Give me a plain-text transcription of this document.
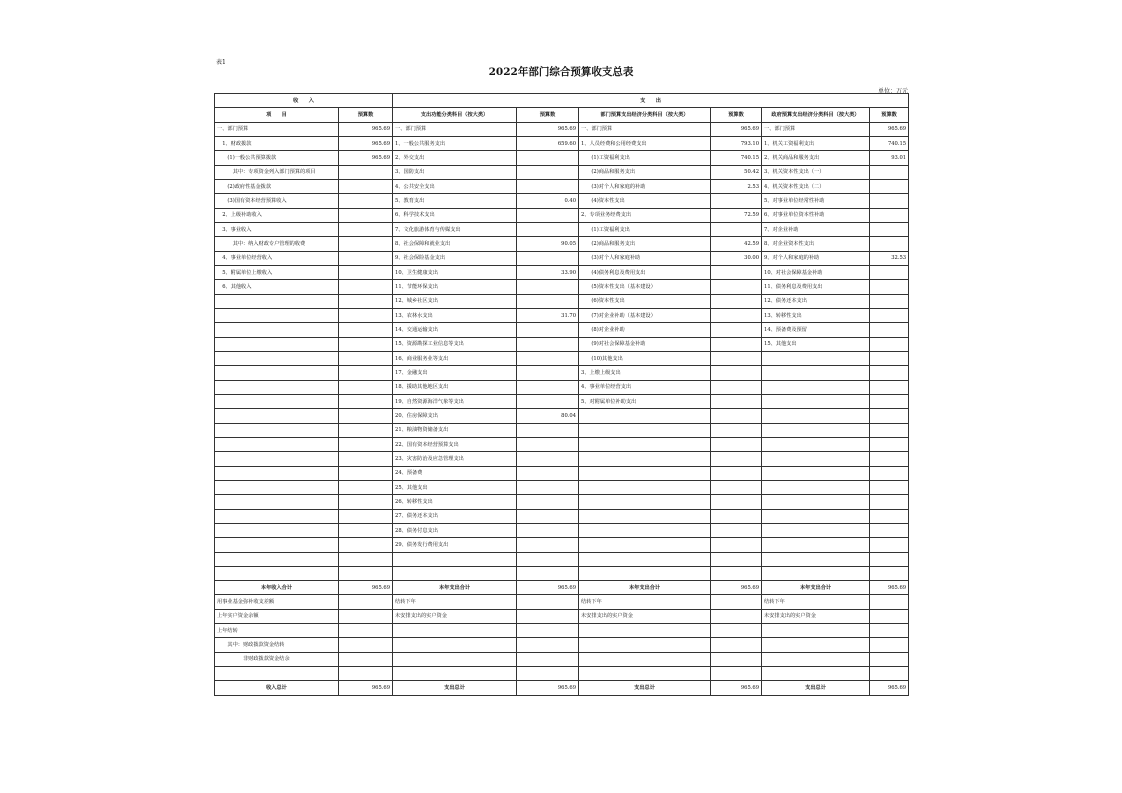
表1
2022年部门综合预算收支总表
单位：万元
收　　入		支　　出					
项　　目	预算数	支出功能分类科目（按大类）	预算数	部门预算支出经济分类科目（按大类）	预算数	政府预算支出经济分类科目（按大类）	预算数
一、部门预算	965.69	一、部门预算	965.69	一、部门预算	965.69	一、部门预算	965.69
　1、财政拨款	965.69	1、一般公共服务支出	659.60	1、人员经费和公用经费支出	793.10	1、机关工资福利支出	740.15
　　(1)一般公共预算拨款	965.69	2、外交支出		　　(1)工资福利支出	740.15	2、机关商品和服务支出	93.01
　　　其中：专项资金列入部门预算的项目		3、国防支出		　　(2)商品和服务支出	50.42	3、机关资本性支出（一）	
　　(2)政府性基金拨款		4、公共安全支出		　　(3)对个人和家庭的补助	2.53	4、机关资本性支出（二）	
　　(3)国有资本经营预算收入		5、教育支出	0.40	　　(4)资本性支出		5、对事业单位经常性补助	
　2、上级补助收入		6、科学技术支出		2、专项业务经费支出	72.59	6、对事业单位资本性补助	
　3、事业收入		7、文化旅游体育与传媒支出		　　(1)工资福利支出		7、对企业补助	
　　　其中：纳入财政专户管理的收费		8、社会保障和就业支出	90.05	　　(2)商品和服务支出	42.59	8、对企业资本性支出	
　4、事业单位经营收入		9、社会保险基金支出		　　(3)对个人和家庭补助	30.00	9、对个人和家庭的补助	32.53
　5、附属单位上缴收入		10、卫生健康支出	33.90	　　(4)债务利息及费用支出		10、对社会保障基金补助	
　6、其他收入		11、节能环保支出		　　(5)资本性支出（基本建设）		11、债务利息及费用支出	
		12、城乡社区支出		　　(6)资本性支出		12、债务还本支出	
		13、农林水支出	31.70	　　(7)对企业补助（基本建设）		13、转移性支出	
		14、交通运输支出		　　(8)对企业补助		14、预备费及预留	
		15、资源勘探工业信息等支出		　　(9)对社会保障基金补助		15、其他支出	
		16、商业服务业等支出		　　(10)其他支出			
		17、金融支出		3、上缴上级支出			
		18、援助其他地区支出		4、事业单位经营支出			
		19、自然资源海洋气象等支出		5、对附属单位补助支出			
		20、住房保障支出	80.04				
		21、粮油物资储备支出					
		22、国有资本经营预算支出					
		23、灾害防治及应急管理支出					
		24、预备费					
		25、其他支出					
		26、转移性支出					
		27、债务还本支出					
		28、债务付息支出					
		29、债务发行费用支出					

本年收入合计	965.69	本年支出合计	965.69	本年支出合计	965.69	本年支出合计	965.69
用事业基金弥补收支差额		结转下年		结转下年		结转下年	
上年实户资金余额		未安排支出的实户资金		未安排支出的实户资金		未安排支出的实户资金	
上年结转							
　　其中：财政拨款资金结转							
　　　　　非财政拨款资金结余							

收入总计	965.69	支出总计	965.69	支出总计	965.69	支出总计	965.69
